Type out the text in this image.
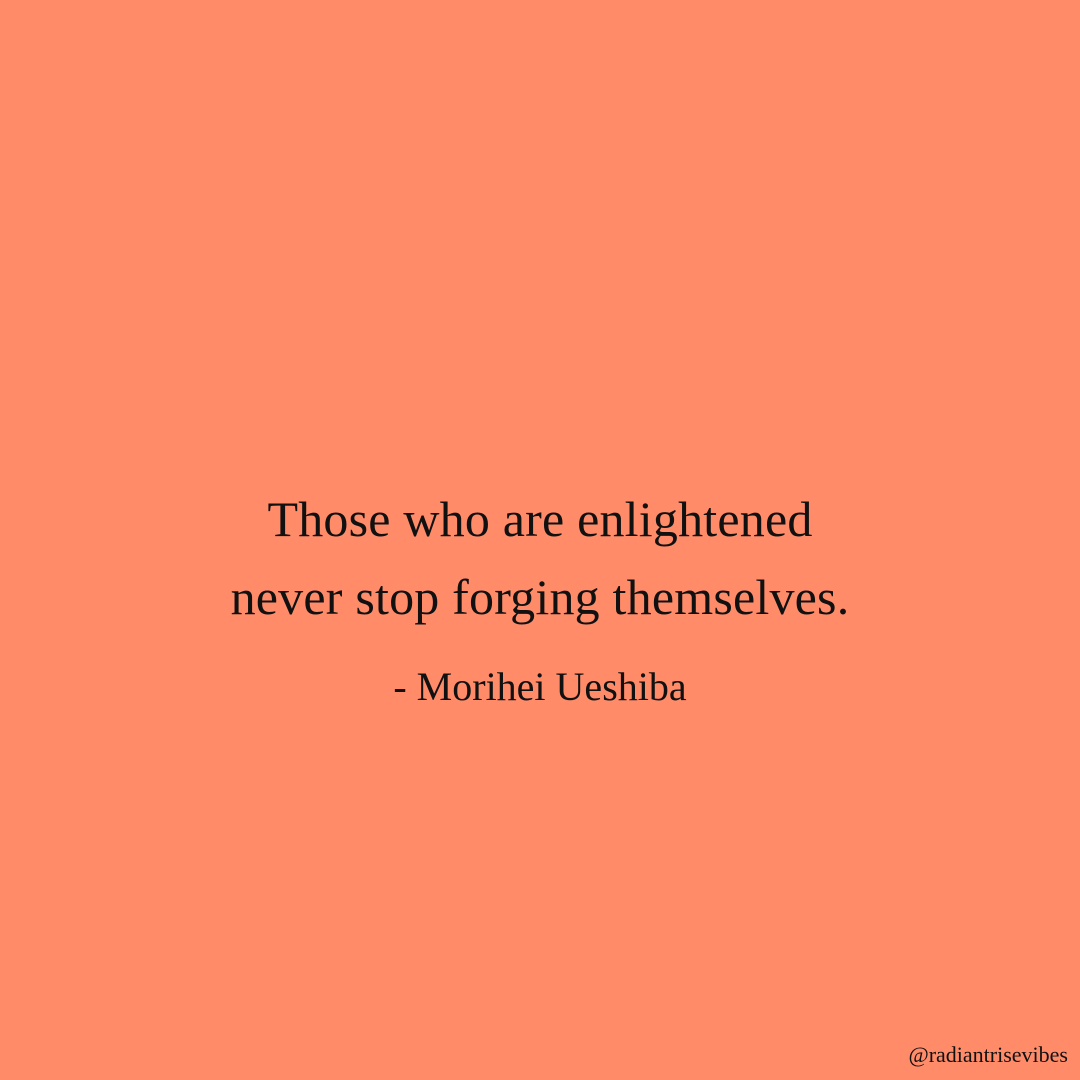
Those who are enlightened
never stop forging themselves.
- Morihei Ueshiba
@radiantrisevibes
